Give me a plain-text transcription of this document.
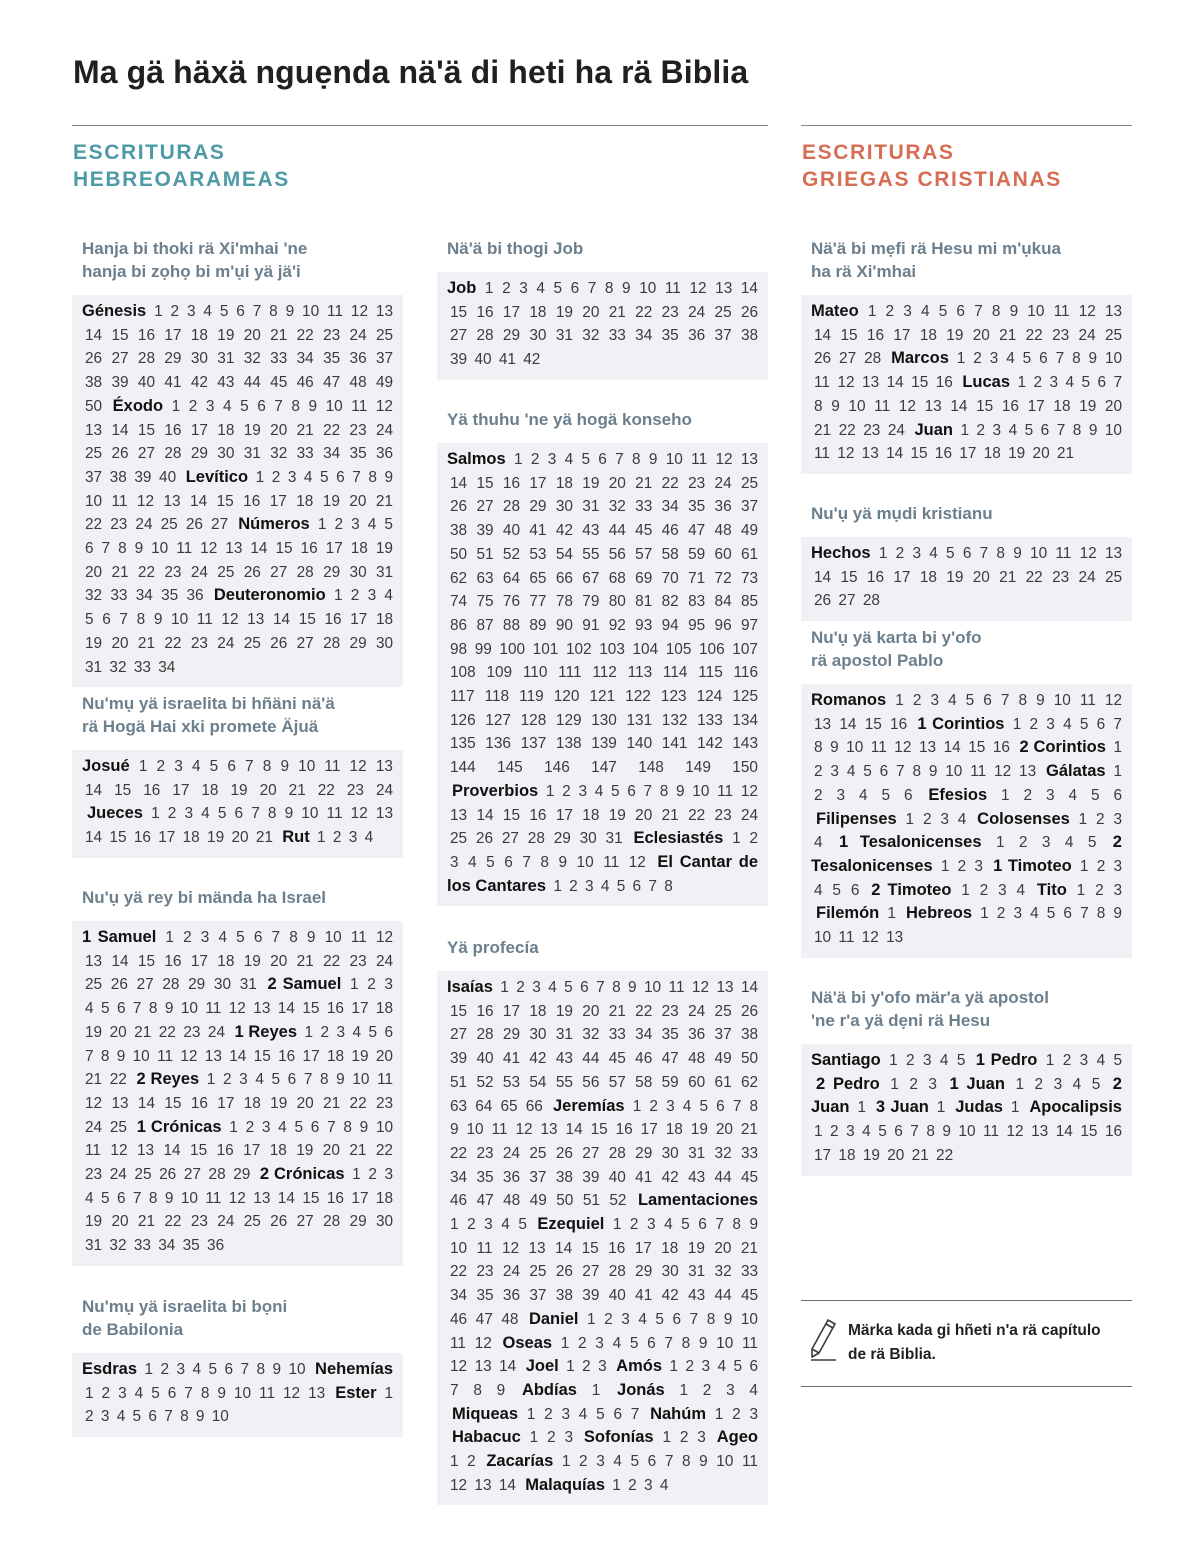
Ma gä häxä nguẹnda nä'ä di heti ha rä Biblia
ESCRITURAS
HEBREOARAMEAS
ESCRITURAS
GRIEGAS CRISTIANAS
Hanja bi thoki rä Xi'mhai 'ne
hanja bi zọhọ bi m'ụi yä jä'i
Génesis 1 2 3 4 5 6 7 8 9 10 11 12 13 14 15 16 17 18 19 20 21 22 23 24 25 26 27 28 29 30 31 32 33 34 35 36 37 38 39 40 41 42 43 44 45 46 47 48 49 50 Éxodo 1 2 3 4 5 6 7 8 9 10 11 12 13 14 15 16 17 18 19 20 21 22 23 24 25 26 27 28 29 30 31 32 33 34 35 36 37 38 39 40 Levítico 1 2 3 4 5 6 7 8 9 10 11 12 13 14 15 16 17 18 19 20 21 22 23 24 25 26 27 Números 1 2 3 4 5 6 7 8 9 10 11 12 13 14 15 16 17 18 19 20 21 22 23 24 25 26 27 28 29 30 31 32 33 34 35 36 Deuteronomio 1 2 3 4 5 6 7 8 9 10 11 12 13 14 15 16 17 18 19 20 21 22 23 24 25 26 27 28 29 30 31 32 33 34
Nu'mụ yä israelita bi hñäni nä'ä
rä Hogä Hai xki promete Äjuä
Josué 1 2 3 4 5 6 7 8 9 10 11 12 13 14 15 16 17 18 19 20 21 22 23 24 Jueces 1 2 3 4 5 6 7 8 9 10 11 12 13 14 15 16 17 18 19 20 21 Rut 1 2 3 4
Nu'ụ yä rey bi mända ha Israel
1 Samuel 1 2 3 4 5 6 7 8 9 10 11 12 13 14 15 16 17 18 19 20 21 22 23 24 25 26 27 28 29 30 31 2 Samuel 1 2 3 4 5 6 7 8 9 10 11 12 13 14 15 16 17 18 19 20 21 22 23 24 1 Reyes 1 2 3 4 5 6 7 8 9 10 11 12 13 14 15 16 17 18 19 20 21 22 2 Reyes 1 2 3 4 5 6 7 8 9 10 11 12 13 14 15 16 17 18 19 20 21 22 23 24 25 1 Crónicas 1 2 3 4 5 6 7 8 9 10 11 12 13 14 15 16 17 18 19 20 21 22 23 24 25 26 27 28 29 2 Crónicas 1 2 3 4 5 6 7 8 9 10 11 12 13 14 15 16 17 18 19 20 21 22 23 24 25 26 27 28 29 30 31 32 33 34 35 36
Nu'mụ yä israelita bi bọni
de Babilonia
Esdras 1 2 3 4 5 6 7 8 9 10 Nehemías 1 2 3 4 5 6 7 8 9 10 11 12 13 Ester 1 2 3 4 5 6 7 8 9 10
Nä'ä bi thogi Job
Job 1 2 3 4 5 6 7 8 9 10 11 12 13 14 15 16 17 18 19 20 21 22 23 24 25 26 27 28 29 30 31 32 33 34 35 36 37 38 39 40 41 42
Yä thuhu 'ne yä hogä konseho
Salmos 1 2 3 4 5 6 7 8 9 10 11 12 13 14 15 16 17 18 19 20 21 22 23 24 25 26 27 28 29 30 31 32 33 34 35 36 37 38 39 40 41 42 43 44 45 46 47 48 49 50 51 52 53 54 55 56 57 58 59 60 61 62 63 64 65 66 67 68 69 70 71 72 73 74 75 76 77 78 79 80 81 82 83 84 85 86 87 88 89 90 91 92 93 94 95 96 97 98 99 100 101 102 103 104 105 106 107 108 109 110 111 112 113 114 115 116 117 118 119 120 121 122 123 124 125 126 127 128 129 130 131 132 133 134 135 136 137 138 139 140 141 142 143 144 145 146 147 148 149 150 Proverbios 1 2 3 4 5 6 7 8 9 10 11 12 13 14 15 16 17 18 19 20 21 22 23 24 25 26 27 28 29 30 31 Eclesiastés 1 2 3 4 5 6 7 8 9 10 11 12 El Cantar de los Cantares 1 2 3 4 5 6 7 8
Yä profecía
Isaías 1 2 3 4 5 6 7 8 9 10 11 12 13 14 15 16 17 18 19 20 21 22 23 24 25 26 27 28 29 30 31 32 33 34 35 36 37 38 39 40 41 42 43 44 45 46 47 48 49 50 51 52 53 54 55 56 57 58 59 60 61 62 63 64 65 66 Jeremías 1 2 3 4 5 6 7 8 9 10 11 12 13 14 15 16 17 18 19 20 21 22 23 24 25 26 27 28 29 30 31 32 33 34 35 36 37 38 39 40 41 42 43 44 45 46 47 48 49 50 51 52 Lamentaciones 1 2 3 4 5 Ezequiel 1 2 3 4 5 6 7 8 9 10 11 12 13 14 15 16 17 18 19 20 21 22 23 24 25 26 27 28 29 30 31 32 33 34 35 36 37 38 39 40 41 42 43 44 45 46 47 48 Daniel 1 2 3 4 5 6 7 8 9 10 11 12 Oseas 1 2 3 4 5 6 7 8 9 10 11 12 13 14 Joel 1 2 3 Amós 1 2 3 4 5 6 7 8 9 Abdías 1 Jonás 1 2 3 4 Miqueas 1 2 3 4 5 6 7 Nahúm 1 2 3 Habacuc 1 2 3 Sofonías 1 2 3 Ageo 1 2 Zacarías 1 2 3 4 5 6 7 8 9 10 11 12 13 14 Malaquías 1 2 3 4
Nä'ä bi mẹfi rä Hesu mi m'ụkua
ha rä Xi'mhai
Mateo 1 2 3 4 5 6 7 8 9 10 11 12 13 14 15 16 17 18 19 20 21 22 23 24 25 26 27 28 Marcos 1 2 3 4 5 6 7 8 9 10 11 12 13 14 15 16 Lucas 1 2 3 4 5 6 7 8 9 10 11 12 13 14 15 16 17 18 19 20 21 22 23 24 Juan 1 2 3 4 5 6 7 8 9 10 11 12 13 14 15 16 17 18 19 20 21
Nu'ụ yä mụdi kristianu
Hechos 1 2 3 4 5 6 7 8 9 10 11 12 13 14 15 16 17 18 19 20 21 22 23 24 25 26 27 28
Nu'ụ yä karta bi y'ofo
rä apostol Pablo
Romanos 1 2 3 4 5 6 7 8 9 10 11 12 13 14 15 16 1 Corintios 1 2 3 4 5 6 7 8 9 10 11 12 13 14 15 16 2 Corintios 1 2 3 4 5 6 7 8 9 10 11 12 13 Gálatas 1 2 3 4 5 6 Efesios 1 2 3 4 5 6 Filipenses 1 2 3 4 Colosenses 1 2 3 4 1 Tesalonicenses 1 2 3 4 5 2 Tesalonicenses 1 2 3 1 Timoteo 1 2 3 4 5 6 2 Timoteo 1 2 3 4 Tito 1 2 3 Filemón 1 Hebreos 1 2 3 4 5 6 7 8 9 10 11 12 13
Nä'ä bi y'ofo mär'a yä apostol
'ne r'a yä dẹni rä Hesu
Santiago 1 2 3 4 5 1 Pedro 1 2 3 4 5 2 Pedro 1 2 3 1 Juan 1 2 3 4 5 2 Juan 1 3 Juan 1 Judas 1 Apocalipsis 1 2 3 4 5 6 7 8 9 10 11 12 13 14 15 16 17 18 19 20 21 22
Märka kada gi hñeti n'a rä capítulo
de rä Biblia.
